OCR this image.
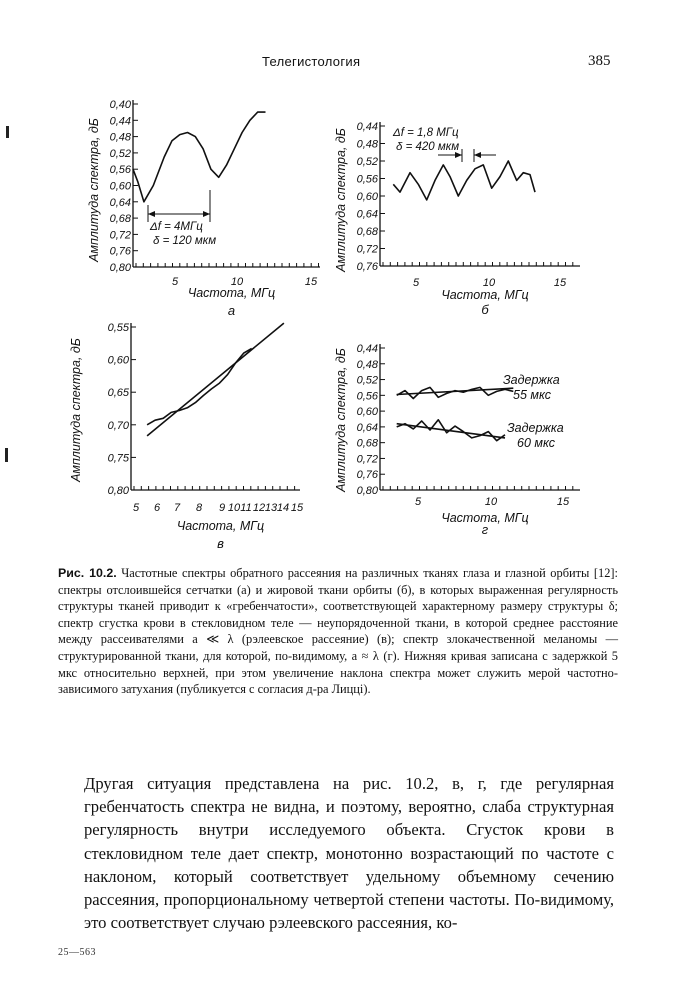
Телегистология	385
0,40
0,44
0,48
0,52
0,56
0,60
0,64
0,68
0,72
0,76
0,80
5	10	15
Амплитуда спектра, дБ
Частота, МГц
а
0,44
0,48
0,52
0,56
0,60
0,64
0,68
0,72
0,76
5	10	15
Амплитуда спектра, дБ
Частота, МГц
б
0,55
0,60
0,65
0,70
0,75
0,80
5 6 7 8 9 10 11 12 13 14 15
Амплитуда спектра, дБ
Частота, МГц
в
0,44
0,48
0,52
0,56
0,60
0,64
0,68
0,72
0,76
0,80
5	10	15
Амплитуда спектра, дБ
Частота, МГц
г
Δf = 4МГц
δ = 120 мкм
Δf = 1,8 МГц
δ = 420 мкм
Задержка
55 мкс
Задержка
60 мкс
Рис. 10.2. Частотные спектры обратного рассеяния на различных тканях глаза и глазной орбиты [12]: спектры отслоившейся сетчатки (а) и жировой ткани орбиты (б), в которых выраженная регулярность структуры тканей приводит к «гребенчатости», соответствующей характерному размеру структуры δ; спектр сгустка крови в стекловидном теле — неупорядоченной ткани, в которой среднее расстояние между рассеивателями a ≪ λ (рэлеевское рассеяние) (в); спектр злокачественной меланомы — структурированной ткани, для которой, по-видимому, a ≈ λ (г). Нижняя кривая записана с задержкой 5 мкс относительно верхней, при этом увеличение наклона спектра может служить мерой частотно-зависимого затухания (публикуется с согласия д-ра Лиццi).
Другая ситуация представлена на рис. 10.2, в, г, где регулярная гребенчатость спектра не видна, и поэтому, вероятно, слаба структурная регулярность внутри исследуемого объекта. Сгусток крови в стекловидном теле дает спектр, монотонно возрастающий по частоте с наклоном, который соответствует удельному объемному сечению рассеяния, пропорциональному четвертой степени частоты. По-видимому, это соответствует случаю рэлеевского рассеяния, ко-
25—563
